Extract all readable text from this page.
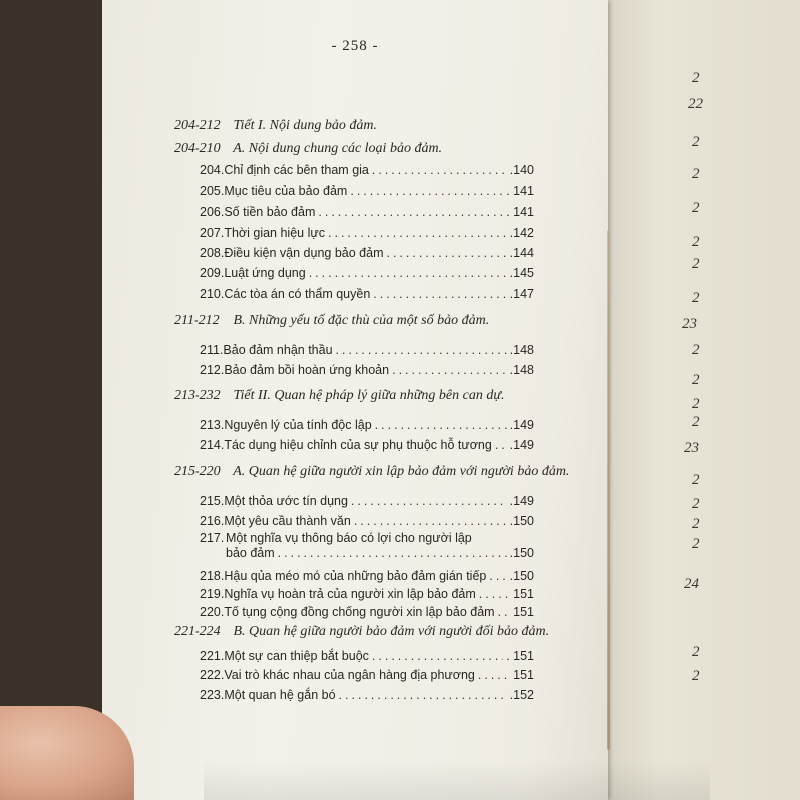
2
22
2
2
2
2
2
2
23
2
2
2
2
23
2
2
2
2
24
2
2
- 258 -
204-212 Tiết I. Nội dung bảo đảm.
204-210 A. Nội dung chung các loại bảo đảm.
204. Chỉ định các bên tham gia .....	.140
205. Mục tiêu của bảo đảm .....	. 141
206. Số tiền bảo đảm .....	. 141
207. Thời gian hiệu lực .....	.142
208. Điều kiện vận dụng bảo đảm .....	.144
209. Luật ứng dụng .....	.145
210. Các tòa án có thẩm quyền .....	.147
211-212 B. Những yếu tố đặc thù của một số bảo đảm.
211. Bảo đảm nhận thầu .....	.148
212. Bảo đảm bồi hoàn ứng khoản .....	.148
213-232 Tiết II. Quan hệ pháp lý giữa những bên can dự.
213. Nguyên lý của tính độc lập .....	.149
214. Tác dụng hiệu chỉnh của sự phụ thuộc hỗ tương ..... .149
215-220 A. Quan hệ giữa người xin lập bảo đảm với người bảo đảm.
215. Một thỏa ước tín dụng .....	.149
216. Một yêu cầu thành văn .....	.150
217. Một nghĩa vụ thông báo có lợi cho người lập
bảo đảm .....	.150
218. Hậu qủa méo mó của những bảo đảm gián tiếp ..... .150
219. Nghĩa vụ hoàn trả của người xin lập bảo đảm .....	151
220. Tố tụng cộng đồng chống người xin lập bảo đảm ..... 151
221-224 B. Quan hệ giữa người bảo đảm với người đối bảo đảm.
221. Một sự can thiệp bắt buộc .....	. 151
222. Vai trò khác nhau của ngân hàng địa phương .....	151
223. Một quan hệ gắn bó .....	.152
